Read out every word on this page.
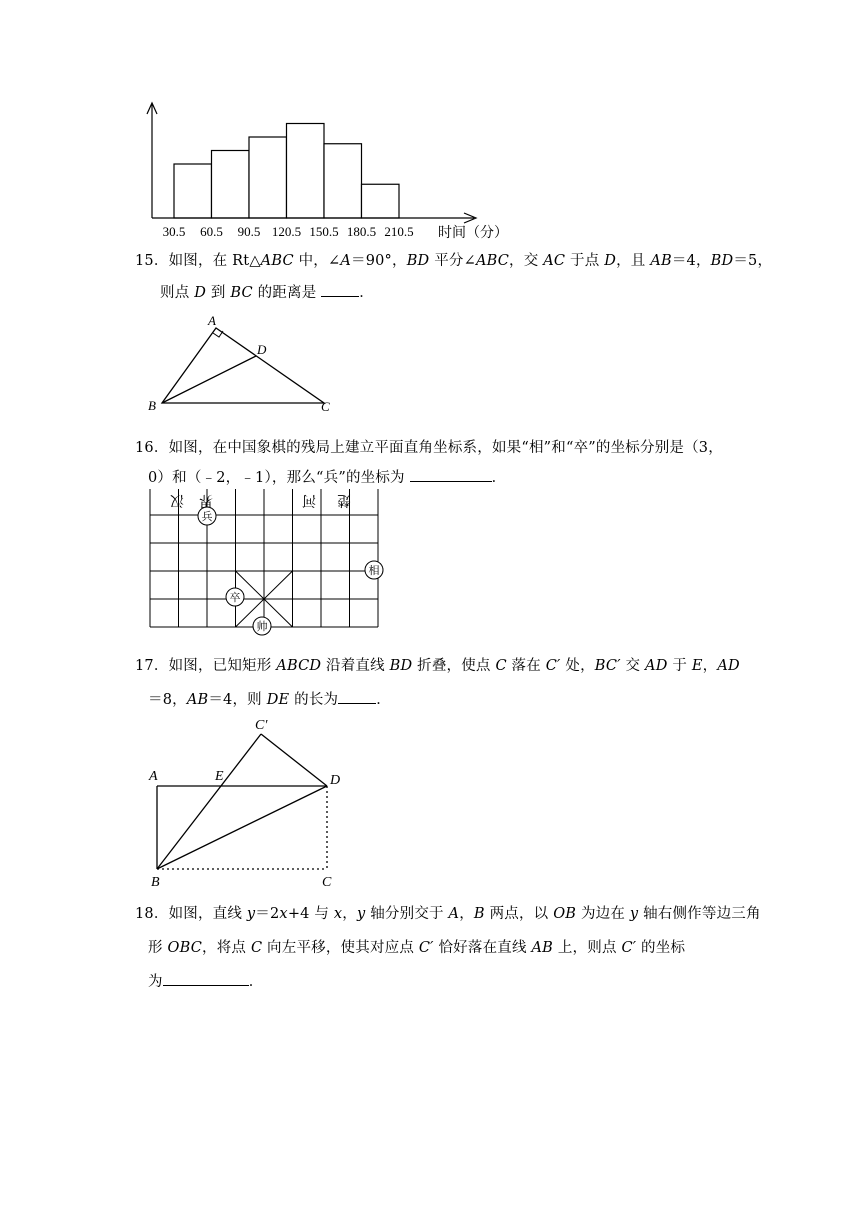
30.5 60.5 90.5 120.5 150.5 180.5 210.5 时间（分）
15．如图，在 Rt△ABC 中，∠A＝90°，BD 平分∠ABC，交 AC 于点 D，且 AB＝4，BD＝5，
则点 D 到 BC 的距离是	．
A
B	C
D
16．如图，在中国象棋的残局上建立平面直角坐标系，如果“相”和“卒”的坐标分别是（3，
0）和（﹣2，﹣1），那么“兵”的坐标为	．
汉 界	河 楚
兵
相
卒
帅
17．如图，已知矩形 ABCD 沿着直线 BD 折叠，使点 C 落在 C′ 处，BC′ 交 AD 于 E，AD
＝8，AB＝4，则 DE 的长为	．
C′
A	E	D
B	C
18．如图，直线 y＝2x+4 与 x，y 轴分别交于 A，B 两点，以 OB 为边在 y 轴右侧作等边三角
形 OBC，将点 C 向左平移，使其对应点 C′ 恰好落在直线 AB 上，则点 C′ 的坐标
为	．
